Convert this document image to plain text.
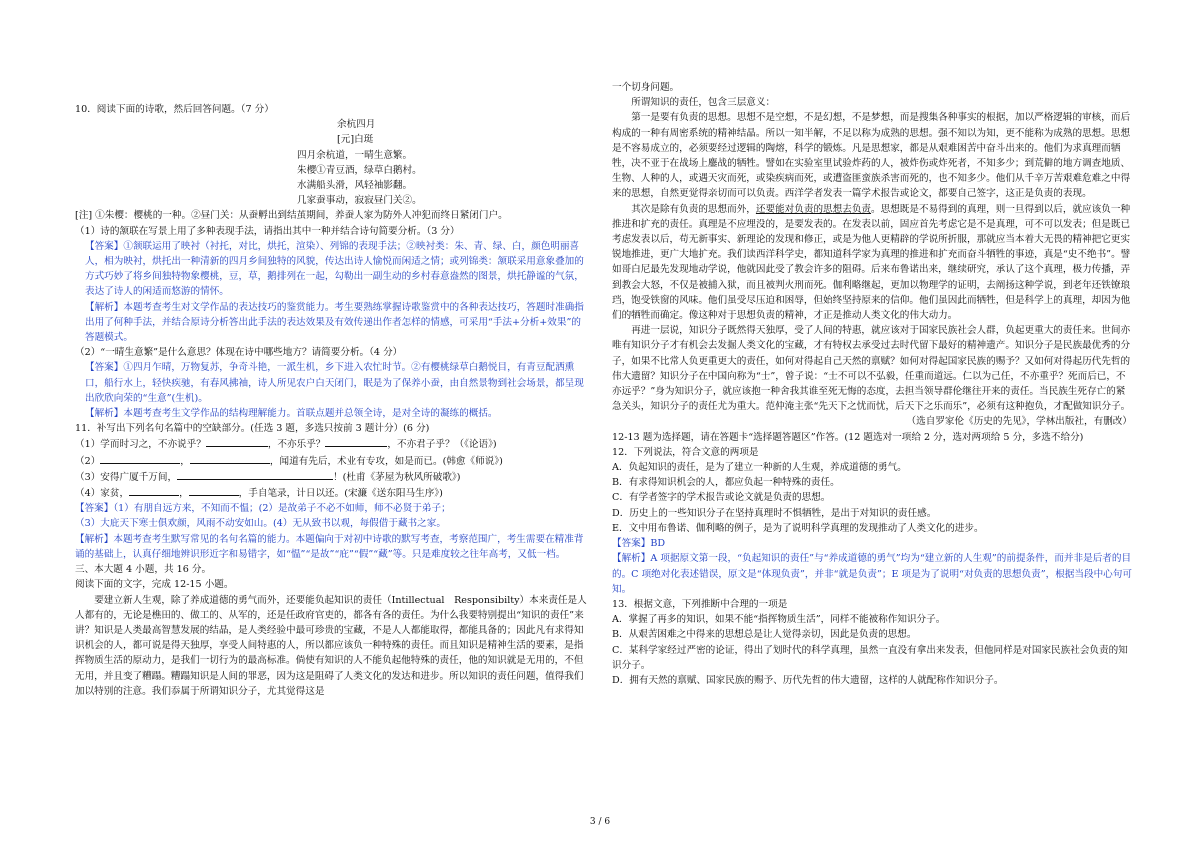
10．阅读下面的诗歌，然后回答问题。（7 分）

余杭四月

[元]白珽

四月余杭道，一晴生意繁。

朱樱①青豆酒，绿草白鹅村。

水满船头滑，风轻袖影翻。

几家蚕事动，寂寂昼门关②。

[注] ①朱樱：樱桃的一种。②昼门关：从蚕孵出到结茧期间，养蚕人家为防外人冲犯而终日紧闭门户。

（1）诗的颔联在写景上用了多种表现手法，请指出其中一种并结合诗句简要分析。（3 分）

【答案】①颔联运用了映衬（衬托，对比，烘托，渲染）、列锦的表现手法；②映衬类：朱、青、绿、白，颜色明丽喜人，相为映衬，烘托出一种清新的四月乡间独特的风貌，传达出诗人愉悦而闲适之情；或列锦类：颔联采用意象叠加的方式巧妙了将乡间独特物象樱桃，豆，草，鹅排列在一起，勾勒出一副生动的乡村春意盎然的图景，烘托静谧的气氛，表达了诗人的闲适而悠游的情怀。

【解析】本题考查考生对文学作品的表达技巧的鉴赏能力。考生要熟练掌握诗歌鉴赏中的各种表达技巧，答题时准确指出用了何种手法，并结合原诗分析答出此手法的表达效果及有效传递出作者怎样的情感，可采用“手法+分析+效果”的答题模式。

（2）“一晴生意繁”是什么意思？体现在诗中哪些地方？请简要分析。（4 分）

【答案】①四月乍晴，万物复苏，争奇斗艳，一派生机，乡下进入农忙时节。②有樱桃绿草白鹅悦目，有青豆配洒熏口，船行水上，轻快疾驰，有春风拂袖，诗人所见农户白天闭门，眠是为了保养小蚕，由自然景物到社会场景，都呈现出欣欣向荣的“生意”(生机)。

【解析】本题考查考生文学作品的结构理解能力。首联点题并总领全诗，是对全诗的凝练的概括。

11．补写出下列名句名篇中的空缺部分。(任选 3 题，多选只按前 3 题计分）(6 分)

（1）学而时习之，不亦说乎？	，不亦乐乎？	，不亦君子乎？（《论语》)

（2）	，	，闻道有先后，术业有专攻，如是而已。(韩愈《师说》)

（3）安得广厦千万间，	！(杜甫《茅屋为秋风所破歌》)

（4）家贫，	，	，手自笔录，计日以还。(宋濂《送东阳马生序》)

【答案】（1）有朋自远方来，不知而不愠；(2）是故弟子不必不如师，师不必贤于弟子；

（3）大庇天下寒士俱欢颜，风雨不动安如山。(4）无从致书以观，每假借于藏书之家。

【解析】本题考查考生默写常见的名句名篇的能力。本题偏向于对初中诗歌的默写考查，考察范围广，考生需要在精准背诵的基础上，认真仔细地辨识形近字和易错字，如“愠”“是故”“庇”“假”“藏”等。只是难度较之往年高考，又低一档。

三、本大题 4 小题，共 16 分。

阅读下面的文字，完成 12-15 小题。

要建立新人生观，除了养成道德的勇气而外，还要能负起知识的责任（Intillectual　Responsibilty）本来责任是人人都有的，无论是樵田的、做工的、从军的，还是任政府官吏的，都各有各的责任。为什么我要特别提出“知识的责任”来讲？知识是人类最高智慧发展的结晶，是人类经验中最可珍贵的宝藏，不是人人都能取得，都能具备的；因此凡有求得知识机会的人，都可说是得天独厚，享受人间特惠的人，所以都应该负一种特殊的责任。而且知识是精神生活的要素，是指挥物质生活的原动力，是我们一切行为的最高标准。倘使有知识的人不能负起他特殊的责任，他的知识就是无用的，不但无用，并且变了糟蹋。糟蹋知识是人间的罪恶，因为这是阻碍了人类文化的发达和进步。所以知识的责任问题，值得我们加以特别的注意。我们忝属于所谓知识分子，尤其觉得这是

一个切身问题。

所谓知识的责任，包含三层意义：

第一是要有负责的思想。思想不是空想，不是幻想，不是梦想，而是搜集各种事实的根据，加以严格逻辑的审核，而后构成的一种有周密系统的精神结晶。所以一知半解，不足以称为成熟的思想。强不知以为知，更不能称为成熟的思想。思想是不容易成立的，必须要经过逻辑的陶熔，科学的锻炼。凡是思想家，都是从艰难困苦中奋斗出来的。他们为求真理而牺牲，决不亚于在战场上鏖战的牺牲。譬如在实验室里试验炸药的人，被炸伤或炸死者，不知多少；到荒僻的地方调查地质、生物、人种的人，或遇天灾而死，或染疾病而死，或遭盗匪蛮族杀害而死的，也不知多少。他们从千辛万苦艰难危难之中得来的思想，自然更觉得亲切而可以负责。西洋学者发表一篇学术报告或论文，都要自己签字，这正是负责的表现。

其次是除有负责的思想而外，还要能对负责的思想去负责。思想既是不易得到的真理，则一旦得到以后，就应该负一种推进和扩充的责任。真理是不应埋没的，是要发表的。在发表以前，固应首先考虑它是不是真理，可不可以发表；但是既已考虑发表以后，苟无新事实、新理论的发现和修正，或是为他人更精辟的学说所折服，那就应当本着大无畏的精神把它更实锐地推进，更广大地扩充。我们读西洋科学史，都知道科学家为真理的推进和扩充而奋斗牺牲的事迹，真是“史不绝书”。譬如哥白尼最先发现地动学说，他就因此受了教会许多的阻碍。后来布鲁诺出来，继续研究，承认了这个真理，极力传播，弄到教会大怒，不仅是被捕入狱，而且被判火刑而死。伽利略继起，更加以物理学的证明，去阐扬这种学说，到老年还铁镣琅珰，饱受铁窗的风味。他们虽受尽压迫和困辱，但始终坚持原来的信仰。他们虽因此而牺牲，但是科学上的真理，却因为他们的牺牲而确定。像这种对于思想负责的精神，才正是推动人类文化的伟大动力。

再进一层说，知识分子既然得天独厚，受了人间的特惠，就应该对于国家民族社会人群，负起更重大的责任来。世间亦唯有知识分子才有机会去发掘人类文化的宝藏，才有特权去承受过去时代留下最好的精神遗产。知识分子是民族最优秀的分子，如果不比常人负更重更大的责任，如何对得起自己天然的禀赋？如何对得起国家民族的赐予？又如何对得起历代先哲的伟大遗留？知识分子在中国向称为“士”，曾子说：“士不可以不弘毅，任重而道远。仁以为己任，不亦重乎？死而后已，不亦远乎？”身为知识分子，就应该抱一种舍我其谁至死无悔的态度，去担当领导群伦继往开来的责任。当民族生死存亡的紧急关头，知识分子的责任尤为重大。范仲淹主张“先天下之忧而忧，后天下之乐而乐”，必须有这种抱负，才配做知识分子。

（选自罗家伦《历史的先见》，学林出版社，有删改）

12-13 题为选择题，请在答题卡“选择题答题区”作答。(12 题选对一项给 2 分，选对两项给 5 分，多选不给分)

12．下列说法，符合文意的两项是

A．负起知识的责任，是为了建立一种新的人生观，养成道德的勇气。

B．有求得知识机会的人，都应负起一种特殊的责任。

C．有学者签字的学术报告或论文就是负责的思想。

D．历史上的一些知识分子在坚持真理时不惧牺牲，是出于对知识的责任感。

E．文中用布鲁诺、伽利略的例子，是为了说明科学真理的发现推动了人类文化的进步。

【答案】BD

【解析】A 项据原文第一段，“负起知识的责任”与“养成道德的勇气”均为“建立新的人生观”的前提条件，而并非是后者的目的。C 项绝对化表述错误，原文是“体现负责”，并非“就是负责”；E 项是为了说明“对负责的思想负责”，根据当段中心句可知。

13．根据文意，下列推断中合理的一项是

A．掌握了再多的知识，如果不能“指挥物质生活”，同样不能被称作知识分子。

B．从艰苦困难之中得来的思想总是让人觉得亲切，因此是负责的思想。

C．某科学家经过严密的论证，得出了划时代的科学真理，虽然一直没有拿出来发表，但他同样是对国家民族社会负责的知识分子。

D．拥有天然的禀赋、国家民族的赐予、历代先哲的伟大遗留，这样的人就配称作知识分子。

3 / 6
